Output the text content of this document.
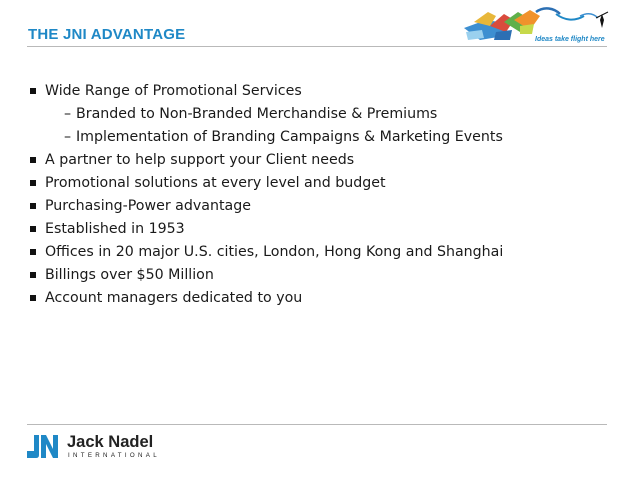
THE JNI ADVANTAGE	Ideas take flight here
Wide Range of Promotional Services
– Branded to Non-Branded Merchandise & Premiums
– Implementation of Branding Campaigns & Marketing Events
A partner to help support your Client needs
Promotional solutions at every level and budget
Purchasing-Power advantage
Established in 1953
Offices in 20 major U.S. cities, London, Hong Kong and Shanghai
Billings over $50 Million
Account managers dedicated to you
Jack Nadel
INTERNATIONAL
